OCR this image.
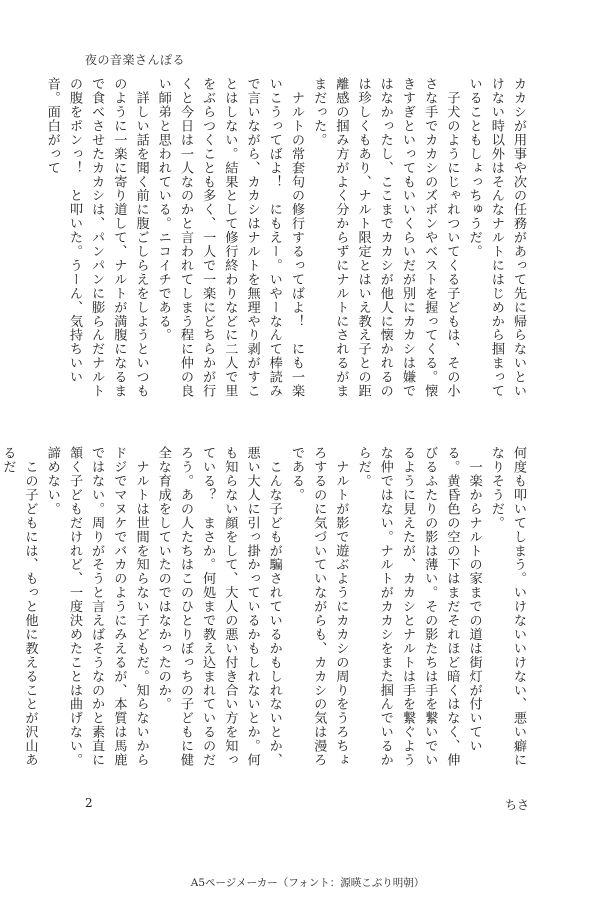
夜の音楽さんぽる

カカシが用事や次の任務があって先に帰らないといけない時以外はそんなナルトにはじめから掴まっていることもしょっちゅうだ。

　子犬のようにじゃれついてくる子どもは、その小さな手でカカシのズボンやベストを握ってくる。懐きすぎといってもいいくらいだが別にカカシは嫌ではなかったし、ここまでカカシが他人に懐かれるのは珍しくもあり、ナルト限定とはいえ教え子との距離感の掴み方がよく分からずにナルトにされるがままだった。

　ナルトの常套句の修行するってばよ！　にも一楽いこうってばよ！　にもえー。いやーなんて棒読みで言いながら、カカシはナルトを無理やり剥がすことはしない。結果として修行終わりなどに二人で里をぶらつくことも多く、一人で一楽にどちらかが行くと今日は一人なのかと言われてしまう程に仲の良い師弟と思われている。ニコイチである。

　詳しい話を聞く前に腹ごしらえをしようといつものように一楽に寄り道して、ナルトが満腹になるまで食べさせたカカシは、パンパンに膨らんだナルトの腹をポンっ！　と叩いた。うーん、気持ちいい音。面白がって

何度も叩いてしまう。いけないいけない、悪い癖になりそうだ。

　一楽からナルトの家までの道は街灯が付いている。黄昏色の空の下はまだそれほど暗くはなく、伸びるふたりの影は薄い。その影たちは手を繋いでいるように見えたが、カカシとナルトは手を繋ぐような仲ではない。ナルトがカカシをまた掴んでいるからだ。

　ナルトが影で遊ぶようにカカシの周りをうろちょろするのに気づいていながらも、カカシの気は漫ろである。

　こんな子どもが騙されているかもしれないとか、悪い大人に引っ掛かっているかもしれないとか。何も知らない顔をして、大人の悪い付き合い方を知っている？　まさか。何処まで教え込まれているのだろう。あの人たちはこのひとりぼっちの子どもに健全な育成をしていたのではなかったのか。

　ナルトは世間を知らない子どもだ。知らないからドジでマヌケでバカのようにみえるが、本質は馬鹿ではない。周りがそうと言えばそうなのかと素直に頷く子どもだけれど、一度決めたことは曲げない。諦めない。

　この子どもには、もっと他に教えることが沢山あるだ

2	ちさ
A5ページメーカー（フォント：源暎こぶり明朝）
